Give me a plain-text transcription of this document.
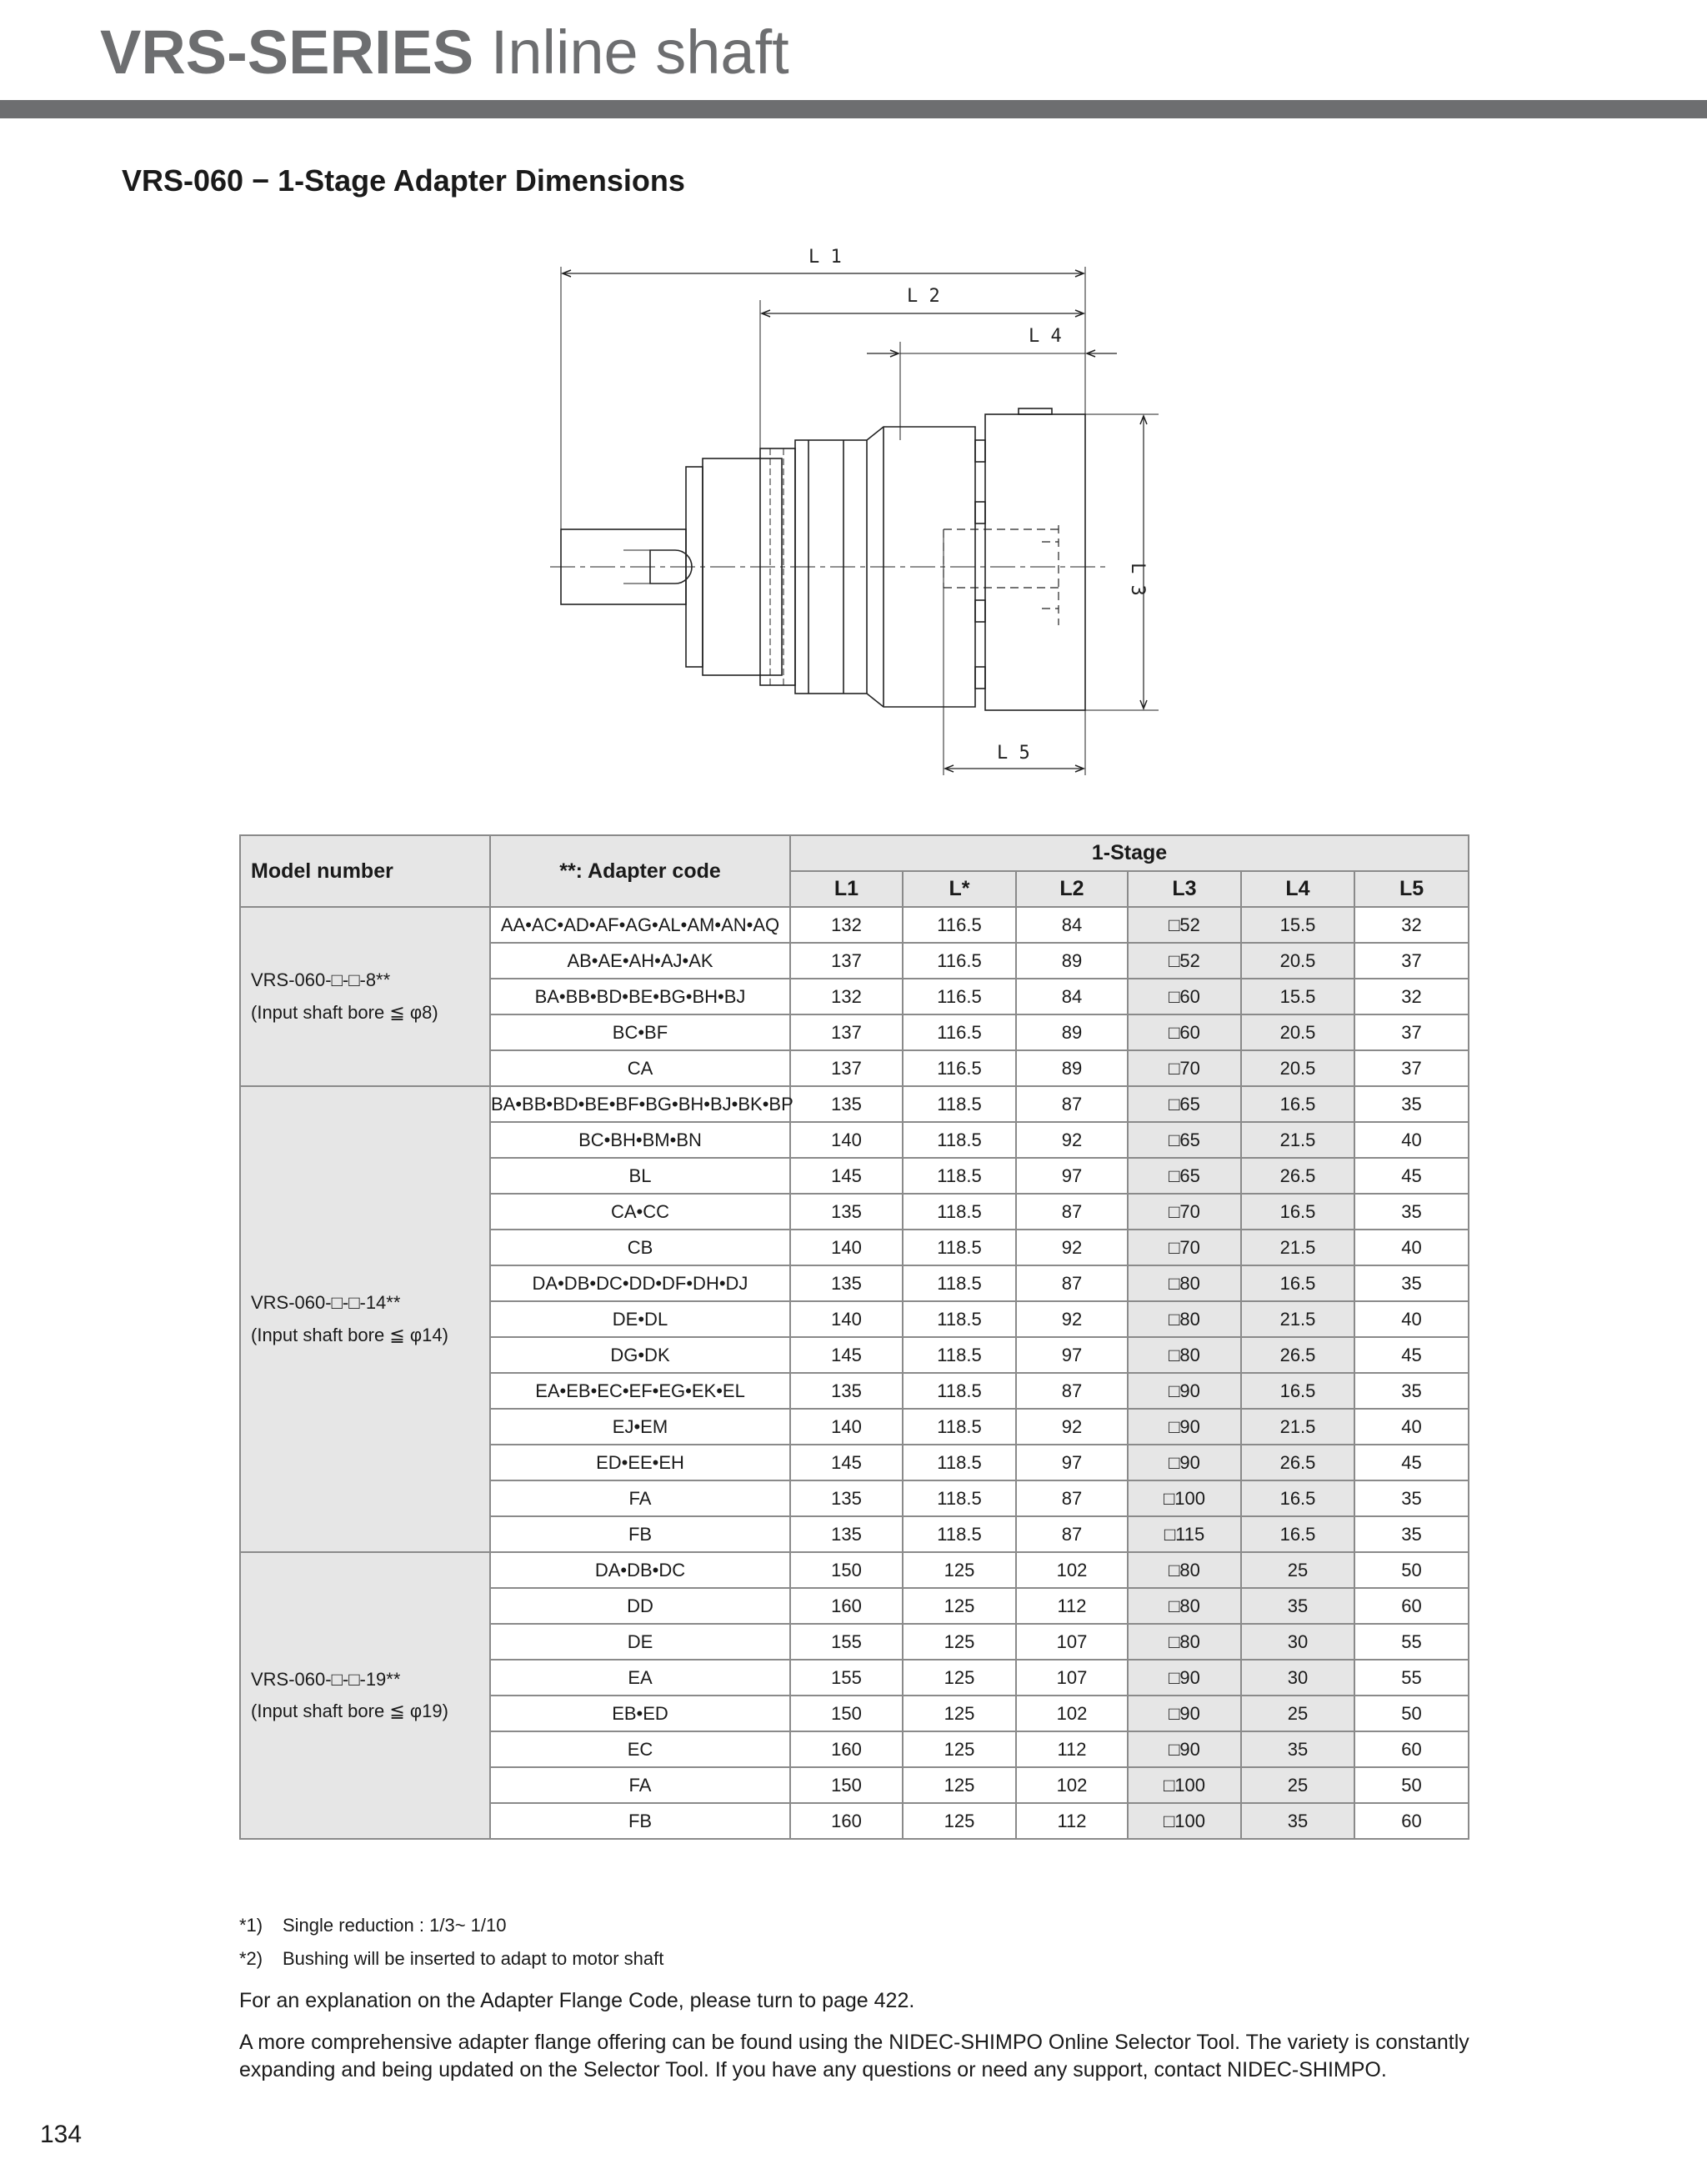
VRS-SERIES Inline shaft
VRS-060 − 1-Stage Adapter Dimensions
L 1
L 2
L 4
L 5
L 3
Model number	**: Adapter code	1-Stage					
		L1	L*	L2	L3	L4	L5

VRS-060-□-□-8**
(Input shaft bore ≦ φ8)	AA•AC•AD•AF•AG•AL•AM•AN•AQ	132	116.5	84	□52	15.5	32
	AB•AE•AH•AJ•AK	137	116.5	89	□52	20.5	37
	BA•BB•BD•BE•BG•BH•BJ	132	116.5	84	□60	15.5	32
	BC•BF	137	116.5	89	□60	20.5	37
	CA	137	116.5	89	□70	20.5	37

VRS-060-□-□-14**
(Input shaft bore ≦ φ14)	BA•BB•BD•BE•BF•BG•BH•BJ•BK•BP	135	118.5	87	□65	16.5	35
	BC•BH•BM•BN	140	118.5	92	□65	21.5	40
	BL	145	118.5	97	□65	26.5	45
	CA•CC	135	118.5	87	□70	16.5	35
	CB	140	118.5	92	□70	21.5	40
	DA•DB•DC•DD•DF•DH•DJ	135	118.5	87	□80	16.5	35
	DE•DL	140	118.5	92	□80	21.5	40
	DG•DK	145	118.5	97	□80	26.5	45
	EA•EB•EC•EF•EG•EK•EL	135	118.5	87	□90	16.5	35
	EJ•EM	140	118.5	92	□90	21.5	40
	ED•EE•EH	145	118.5	97	□90	26.5	45
	FA	135	118.5	87	□100	16.5	35
	FB	135	118.5	87	□115	16.5	35

VRS-060-□-□-19**
(Input shaft bore ≦ φ19)	DA•DB•DC	150	125	102	□80	25	50
	DD	160	125	112	□80	35	60
	DE	155	125	107	□80	30	55
	EA	155	125	107	□90	30	55
	EB•ED	150	125	102	□90	25	50
	EC	160	125	112	□90	35	60
	FA	150	125	102	□100	25	50
	FB	160	125	112	□100	35	60
*1) Single reduction : 1/3~ 1/10
*2) Bushing will be inserted to adapt to motor shaft
For an explanation on the Adapter Flange Code, please turn to page 422.
A more comprehensive adapter flange offering can be found using the NIDEC-SHIMPO Online Selector Tool. The variety is constantly expanding and being updated on the Selector Tool. If you have any questions or need any support, contact NIDEC-SHIMPO.
134
